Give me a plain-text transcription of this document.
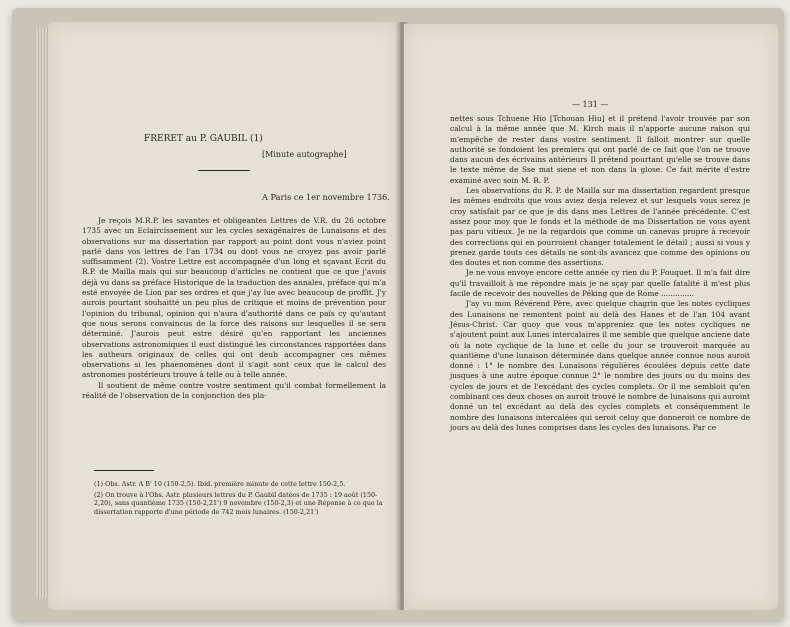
FRERET au P. GAUBIL (1)
[Minute autographe]
A Paris ce 1er novembre 1736.

Je reçois M.R.P. les savantes et obligeantes Lettres de V.R. du 26 octobre 1735 avec un Eclaircissement sur les cycles sexagénaires de Lunaisons et des observations sur ma dissertation par rapport au point dont vous n'aviez point parlé dans vos lettres de l'an 1734 ou dont vous ne croyez pas avoir parlé suffisamment (2). Vostre Lettre est accompagnée d'un long et sçavant Ecrit du R.P. de Mailla mais qui sur beaucoup d'articles ne contient que ce que j'avois déjà vu dans sa préface Historique de la traduction des annales, préface qui m'a esté envoyée de Lion par ses ordres et que j'ay lue avec beaucoup de proffit. J'y aurois pourtant souhaitté un peu plus de critique et moins de prévention pour l'opinion du tribunal, opinion qui n'aura d'authorité dans ce païs cy qu'autant que nous serons convaincus de la force des raisons sur lesquelles il se sera déterminé. J'aurois peut estre désiré qu'en rapportant les anciennes observations astronomiques il eust distingué les circonstances rapportées dans les autheurs originaux de celles qui ont deub accompagner ces mêmes observations si les phaenomènes dont il s'agit sont ceux que le calcul des astronomes postérieurs trouve à telle ou à telle année.

Il soutient de même contre vostre sentiment qu'il combat formellement la réalité de l'observation de la conjonction des pla-

(1) Obs. Astr. A B' 10 (150-2,5). Ibid. première minute de cette lettre 150-2,5.
(2) On trouve à l'Obs. Astr. plusieurs lettres du P. Gaubil datées de 1735 : 19 août (150-2,20), sans quantième 1735 (150-2,21') 9 novembre (150-2,3) et une Réponse à ce que la dissertation rapporte d'une période de 742 mois lunaires. (150-2,21')
— 131 —

nettes sous Tchuene Hio [Tchouan Hiu] et il prétend l'avoir trouvée par son calcul à la même année que M. Kirch mais il n'apporte aucune raison qui m'empêche de rester dans vostre sentiment. Il falloit montrer sur quelle authorité se fondoient les premiers qui ont parlé de ce fait que l'on ne trouve dans aucun des écrivains antérieurs Il prétend pourtant qu'elle se trouve dans le texte même de Sse mat siene et non dans la glose. Ce fait mérite d'estre examiné avec soin M. R. P.

Les observations du R. P. de Mailla sur ma dissertation regardent presque les mêmes endroits que vous aviez desja relevez et sur lesquels vous serez je croy satisfait par ce que je dis dans mes Lettres de l'année précédente. C'est assez pour moy que le fonds et la méthode de ma Dissertation ne vous ayent pas paru vitieux. Je ne la regardois que comme un canevas propre à recevoir des corrections qui en pourroient changer totalement le détail ; aussi si vous y prenez garde touts ces détails ne sont-ils avancez que comme des opinions ou des doutes et non comme des assertions.

Je ne vous envoye encore cette année cy rien du P. Fouquet. Il m'a fait dire qu'il travailloit à me répondre mais je ne sçay par quelle fatalité il m'est plus facile de recevoir des nouvelles de Péking que de Rome ..............

J'ay vu mon Révérend Père, avec quelque chagrin que les notes cycliques des Lunaisons ne remontent point au delà des Hanes et de l'an 104 avant Jésus-Christ. Car quoy que vous m'appreniez que les notes cycliques ne s'ajoutent point aux Lunes intercalaires il me semble que quelque anciene date où la note cyclique de la lune et celle du jour se trouveroit marquée au quantième d'une lunaison déterminée dans quelque année connue nous auroit donné : 1° le nombre des Lunaisons régulières écoulées depuis cette date jusques à une autre époque connue 2° le nombre des jours ou du moins des cycles de jours et de l'excédant des cycles complets. Or il me sembloit qu'en combinant ces deux choses on auroit trouvé le nombre de lunaisons qui auroint donné un tel excédant au delà des cycles complets et conséquemment le nombre des lunaisons intercalées qui seroit celuy que donneroit ce nombre de jours au delà des lunes comprises dans les cycles des lunaisons. Par ce
